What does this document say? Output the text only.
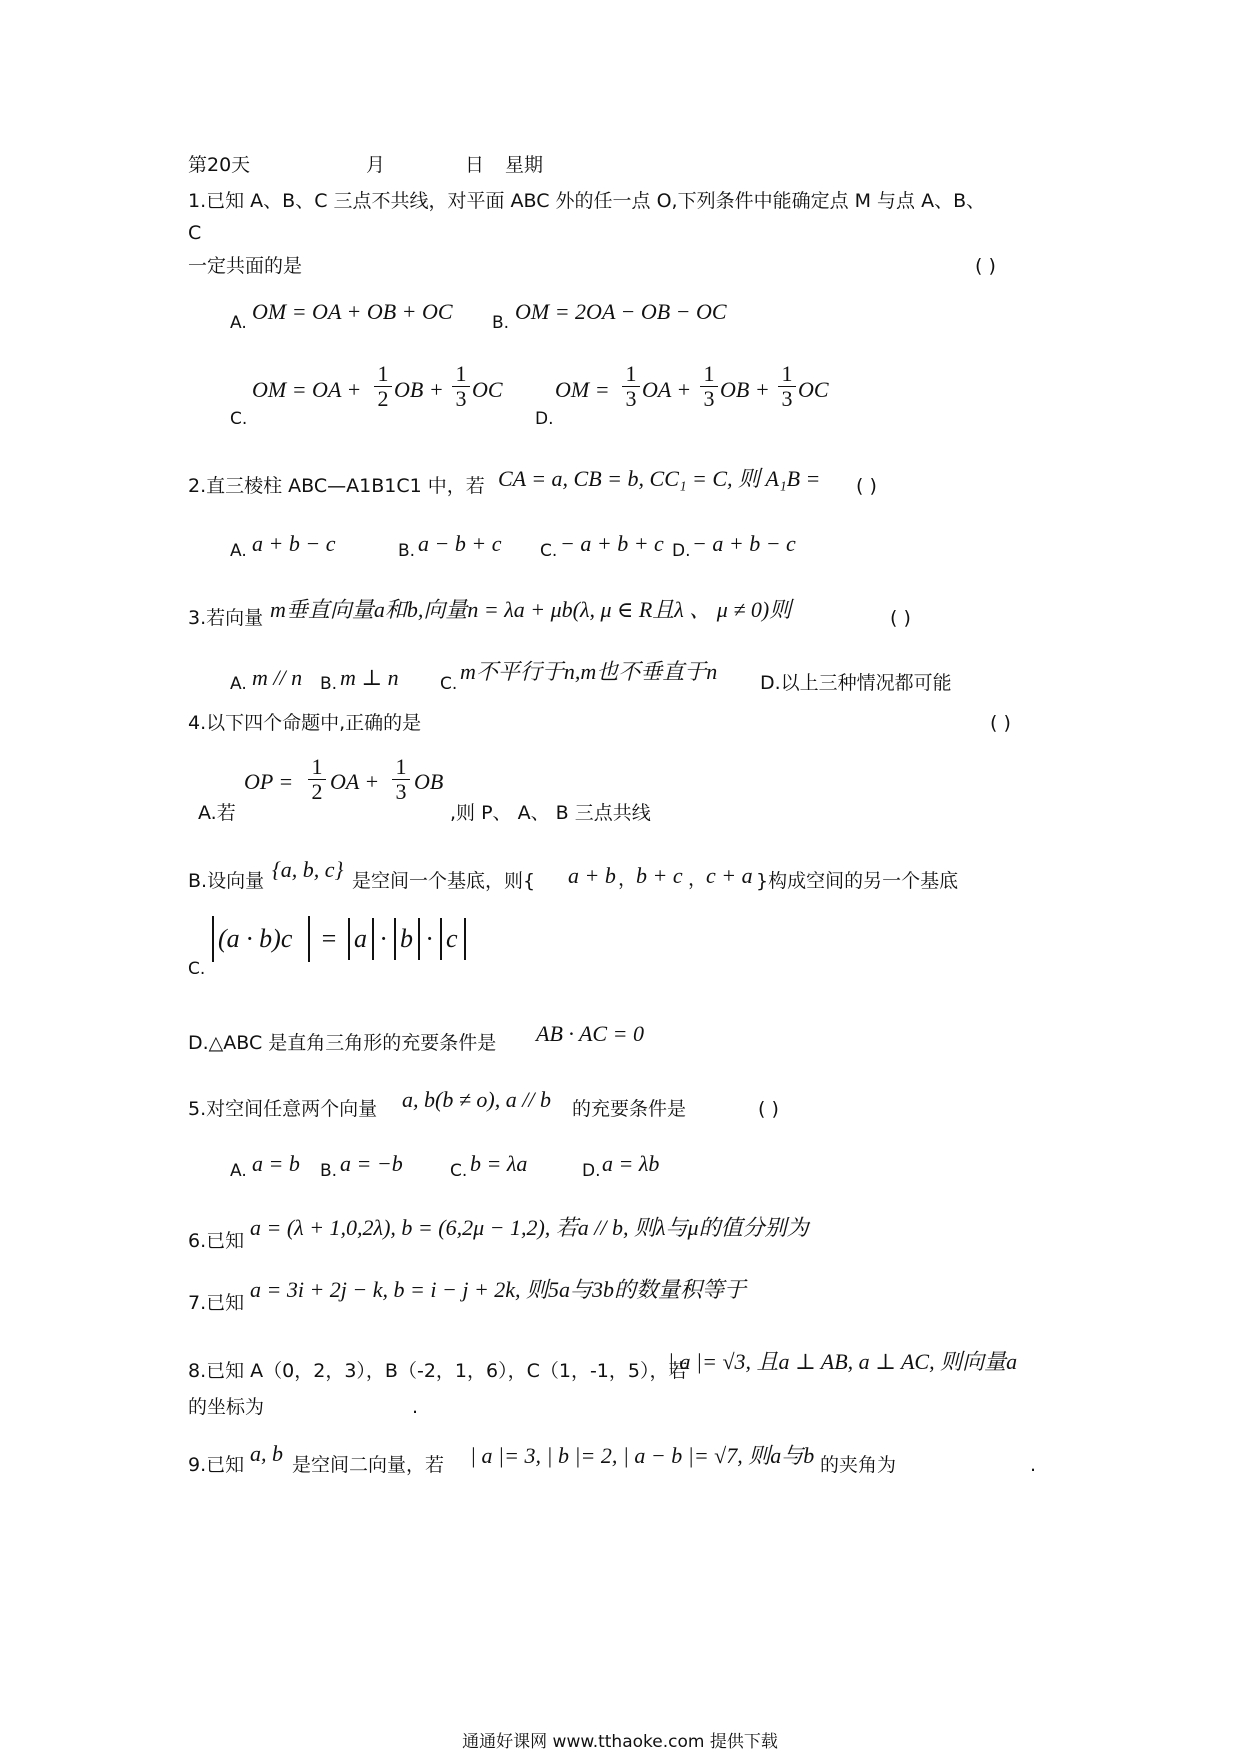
第20天	月	日 星期
1.已知 A、B、C 三点不共线，对平面 ABC 外的任一点 O,下列条件中能确定点 M 与点 A、B、
C
一定共面的是	( )
A. OM = OA + OB + OC B. OM = 2OA − OB − OC
C.
OM = OA + $\frac{1}{2}$ OB + $\frac{1}{3}$ OC
D.
OM = $\frac{1}{3}$ OA + $\frac{1}{3}$ OB + $\frac{1}{3}$ OC
2.直三棱柱 ABC—A1B1C1 中，若 CA = a, CB = b, CC₁ = C, 则 A₁B = ( )
A. a + b − c	B. a − b + c C. − a + b + c D. − a + b − c
3.若向量 m垂直向量a和b,向量n = λa + μb(λ, μ ∈ R且λ 、 μ ≠ 0)则	( )
A. m // n B. m ⊥ n C. m不平行于n,m也不垂直于n D.以上三种情况都可能
4.以下四个命题中,正确的是	( )
OP = $\frac{1}{2}$ OA + $\frac{1}{3}$ OB
A.若	,则 P、 A、 B 三点共线
B.设向量 {a, b, c} 是空间一个基底，则{ a + b ，
b + c ，
c + a }构成空间的另一个基底
C.
(a · b)c = a · b · c
D.△ABC 是直角三角形的充要条件是 AB · AC = 0
5.对空间任意两个向量 a, b(b ≠ o), a // b 的充要条件是	( )
A. a = b B. a = −b	C. b = λa	D. a = λb
6.已知
a = (λ + 1,0,2λ), b = (6,2μ − 1,2), 若a // b, 则λ与μ的值分别为
7.已知
a = 3i + 2j − k, b = i − j + 2k, 则5a与3b的数量积等于
8.已知 A（0，2，3），B（-2，1，6），C（1，-1，5），若
| a |= √3, 且a ⊥ AB, a ⊥ AC, 则向量a
的坐标为	.
9.已知 a, b 是空间二向量，若 | a |= 3, | b |= 2, | a − b |= √7, 则a与b 的夹角为	.
通通好课网 www.tthaoke.com 提供下载
